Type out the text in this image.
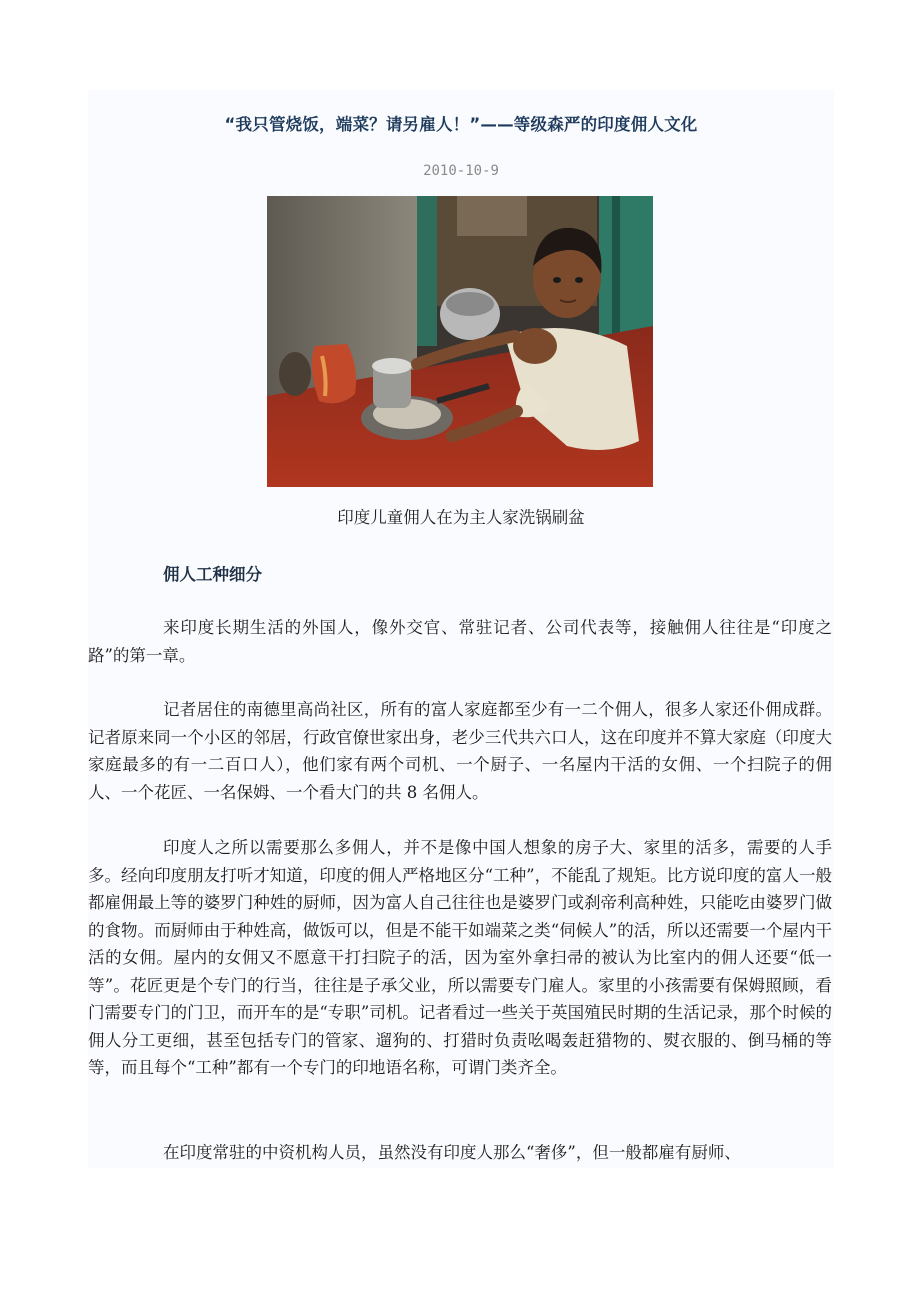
“我只管烧饭，端菜？请另雇人！”——等级森严的印度佣人文化
2010-10-9
印度儿童佣人在为主人家洗锅刷盆
佣人工种细分

来印度长期生活的外国人，像外交官、常驻记者、公司代表等，接触佣人往往是“印度之路”的第一章。

记者居住的南德里高尚社区，所有的富人家庭都至少有一二个佣人，很多人家还仆佣成群。记者原来同一个小区的邻居，行政官僚世家出身，老少三代共六口人，这在印度并不算大家庭（印度大家庭最多的有一二百口人），他们家有两个司机、一个厨子、一名屋内干活的女佣、一个扫院子的佣人、一个花匠、一名保姆、一个看大门的共 8 名佣人。

印度人之所以需要那么多佣人，并不是像中国人想象的房子大、家里的活多，需要的人手多。经向印度朋友打听才知道，印度的佣人严格地区分“工种”，不能乱了规矩。比方说印度的富人一般都雇佣最上等的婆罗门种姓的厨师，因为富人自己往往也是婆罗门或刹帝利高种姓，只能吃由婆罗门做的食物。而厨师由于种姓高，做饭可以，但是不能干如端菜之类“伺候人”的活，所以还需要一个屋内干活的女佣。屋内的女佣又不愿意干打扫院子的活，因为室外拿扫帚的被认为比室内的佣人还要“低一等”。花匠更是个专门的行当，往往是子承父业，所以需要专门雇人。家里的小孩需要有保姆照顾，看门需要专门的门卫，而开车的是“专职”司机。记者看过一些关于英国殖民时期的生活记录，那个时候的佣人分工更细，甚至包括专门的管家、遛狗的、打猎时负责吆喝轰赶猎物的、熨衣服的、倒马桶的等等，而且每个“工种”都有一个专门的印地语名称，可谓门类齐全。

在印度常驻的中资机构人员，虽然没有印度人那么“奢侈”，但一般都雇有厨师、
